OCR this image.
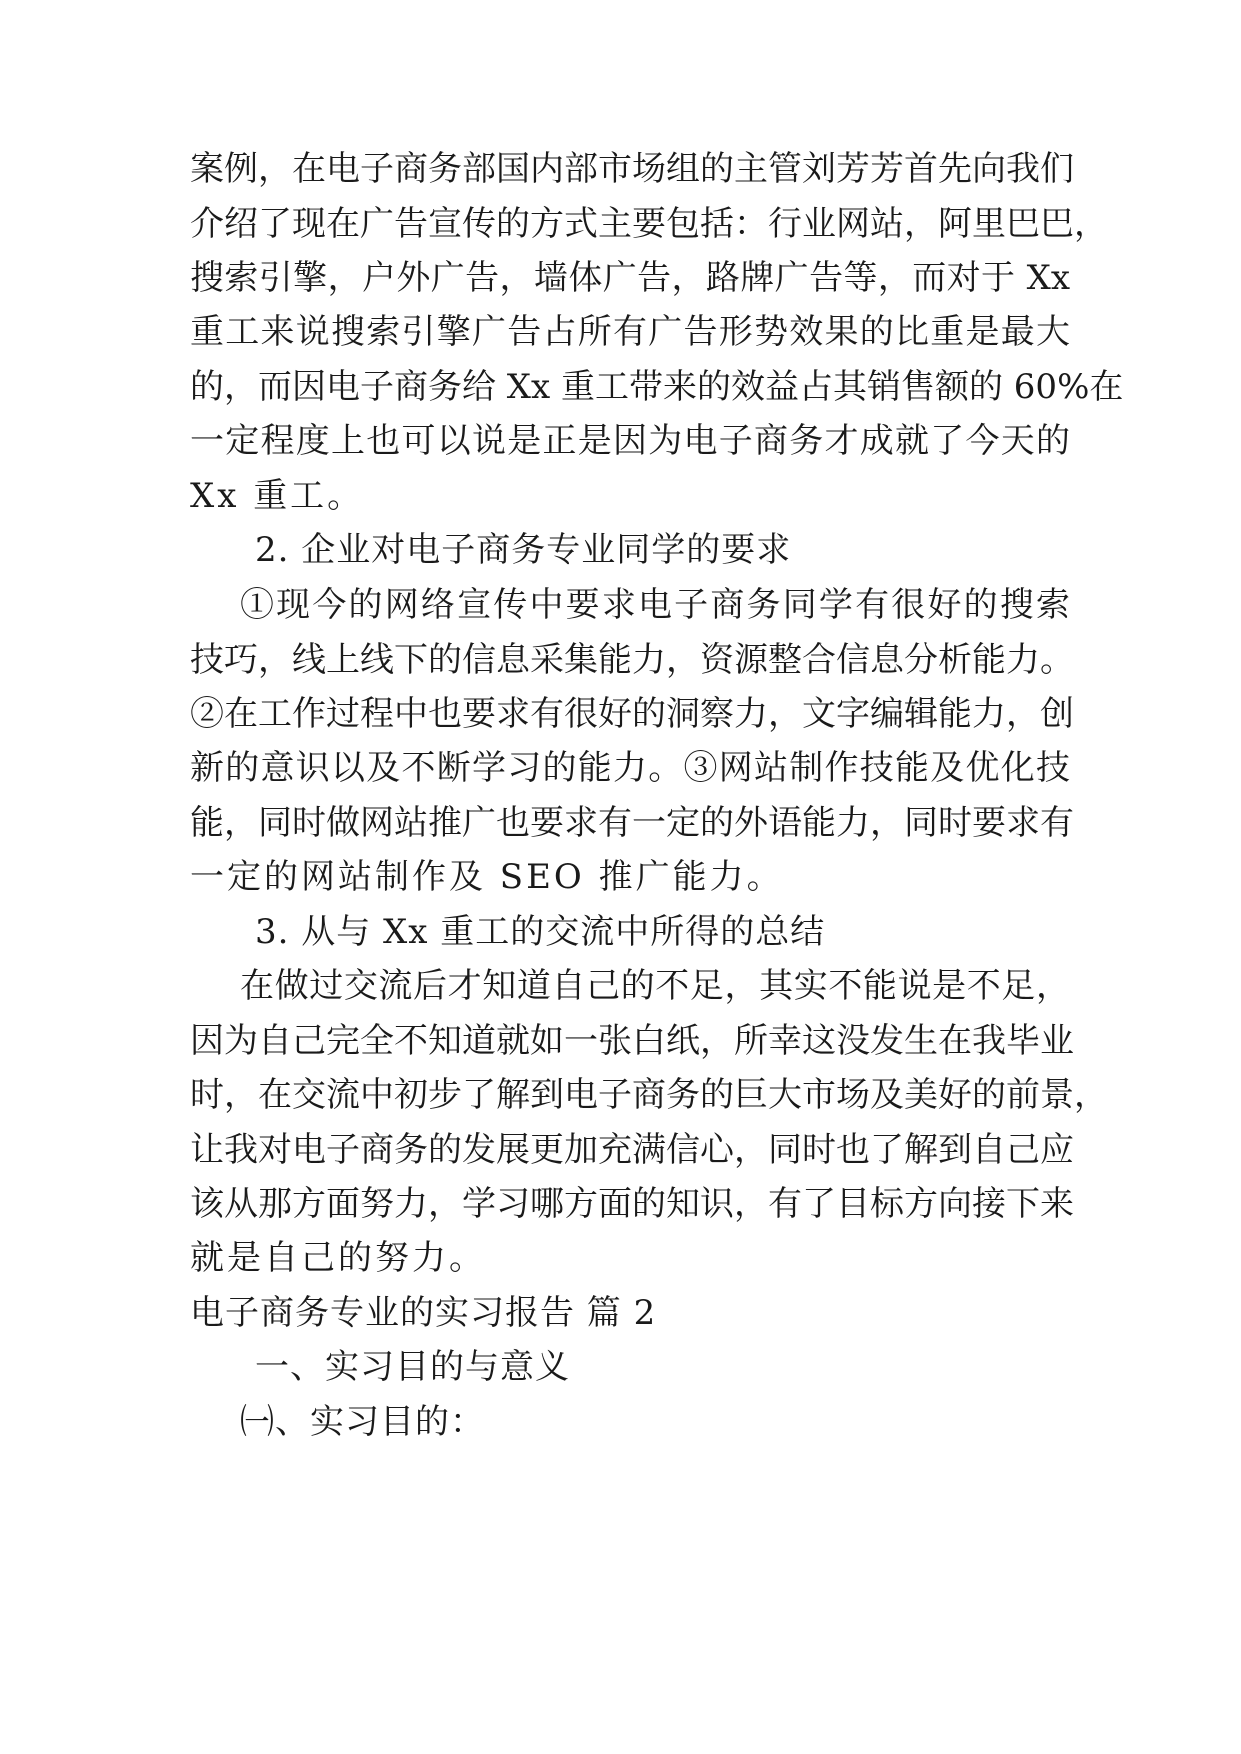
案例，在电子商务部国内部市场组的主管刘芳芳首先向我们
介绍了现在广告宣传的方式主要包括：行业网站，阿里巴巴，
搜索引擎，户外广告，墙体广告，路牌广告等，而对于 Xx
重工来说搜索引擎广告占所有广告形势效果的比重是最大
的，而因电子商务给 Xx 重工带来的效益占其销售额的 60%在
一定程度上也可以说是正是因为电子商务才成就了今天的
Xx 重工。
2. 企业对电子商务专业同学的要求
①现今的网络宣传中要求电子商务同学有很好的搜索
技巧，线上线下的信息采集能力，资源整合信息分析能力。
②在工作过程中也要求有很好的洞察力，文字编辑能力，创
新的意识以及不断学习的能力。③网站制作技能及优化技
能，同时做网站推广也要求有一定的外语能力，同时要求有
一定的网站制作及 SEO 推广能力。
3. 从与 Xx 重工的交流中所得的总结
在做过交流后才知道自己的不足，其实不能说是不足，
因为自己完全不知道就如一张白纸，所幸这没发生在我毕业
时，在交流中初步了解到电子商务的巨大市场及美好的前景，
让我对电子商务的发展更加充满信心，同时也了解到自己应
该从那方面努力，学习哪方面的知识，有了目标方向接下来
就是自己的努力。
电子商务专业的实习报告 篇 2
一、实习目的与意义
㈠、实习目的：
